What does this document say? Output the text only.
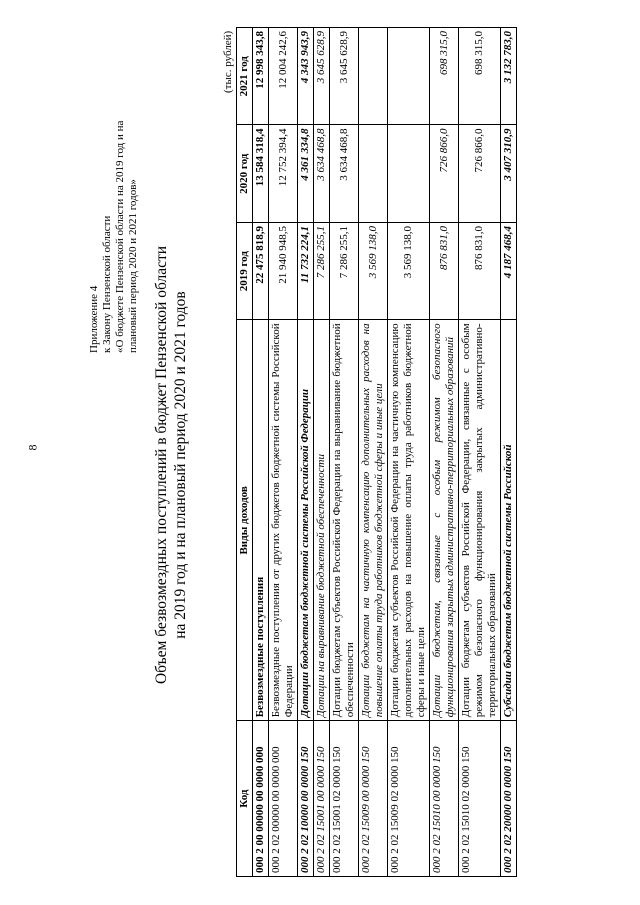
8
Приложение 4 к Закону Пензенской области «О бюджете Пензенской области на 2019 год и на плановый период 2020 и 2021 годов» Объем безвозмездных поступлений в бюджет Пензенской области на 2019 год и на плановый период 2020 и 2021 годов
(тыс. рублей)
Код	Виды доходов	2019 год	2020 год	2021 год
000 2 00 00000 00 0000 000	Безвозмездные поступления	22 475 818,9	13 584 318,4	12 998 343,8
000 2 02 00000 00 0000 000	Безвозмездные поступления от других бюджетов бюджетной системы Российской Федерации	21 940 948,5	12 752 394,4	12 004 242,6
000 2 02 10000 00 0000 150	Дотации бюджетам бюджетной системы Российской Федерации	11 732 224,1	4 361 334,8	4 343 943,9
000 2 02 15001 00 0000 150	Дотации на выравнивание бюджетной обеспеченности	7 286 255,1	3 634 468,8	3 645 628,9
000 2 02 15001 02 0000 150	Дотации бюджетам субъектов Российской Федерации на выравнивание бюджетной обеспеченности	7 286 255,1	3 634 468,8	3 645 628,9
000 2 02 15009 00 0000 150	Дотации бюджетам на частичную компенсацию дополнительных расходов на повышение оплаты труда работников бюджетной сферы и иные цели	3 569 138,0		
000 2 02 15009 02 0000 150	Дотации бюджетам субъектов Российской Федерации на частичную компенсацию дополнительных расходов на повышение оплаты труда работников бюджетной сферы и иные цели	3 569 138,0		
000 2 02 15010 00 0000 150	Дотации бюджетам, связанные с особым режимом безопасного функционирования закрытых административно-территориальных образований	876 831,0	726 866,0	698 315,0
000 2 02 15010 02 0000 150	Дотации бюджетам субъектов Российской Федерации, связанные с особым режимом безопасного функционирования закрытых административно-территориальных образований	876 831,0	726 866,0	698 315,0
000 2 02 20000 00 0000 150	Субсидии бюджетам бюджетной системы Российской	4 187 468,4	3 407 310,9	3 132 783,0
